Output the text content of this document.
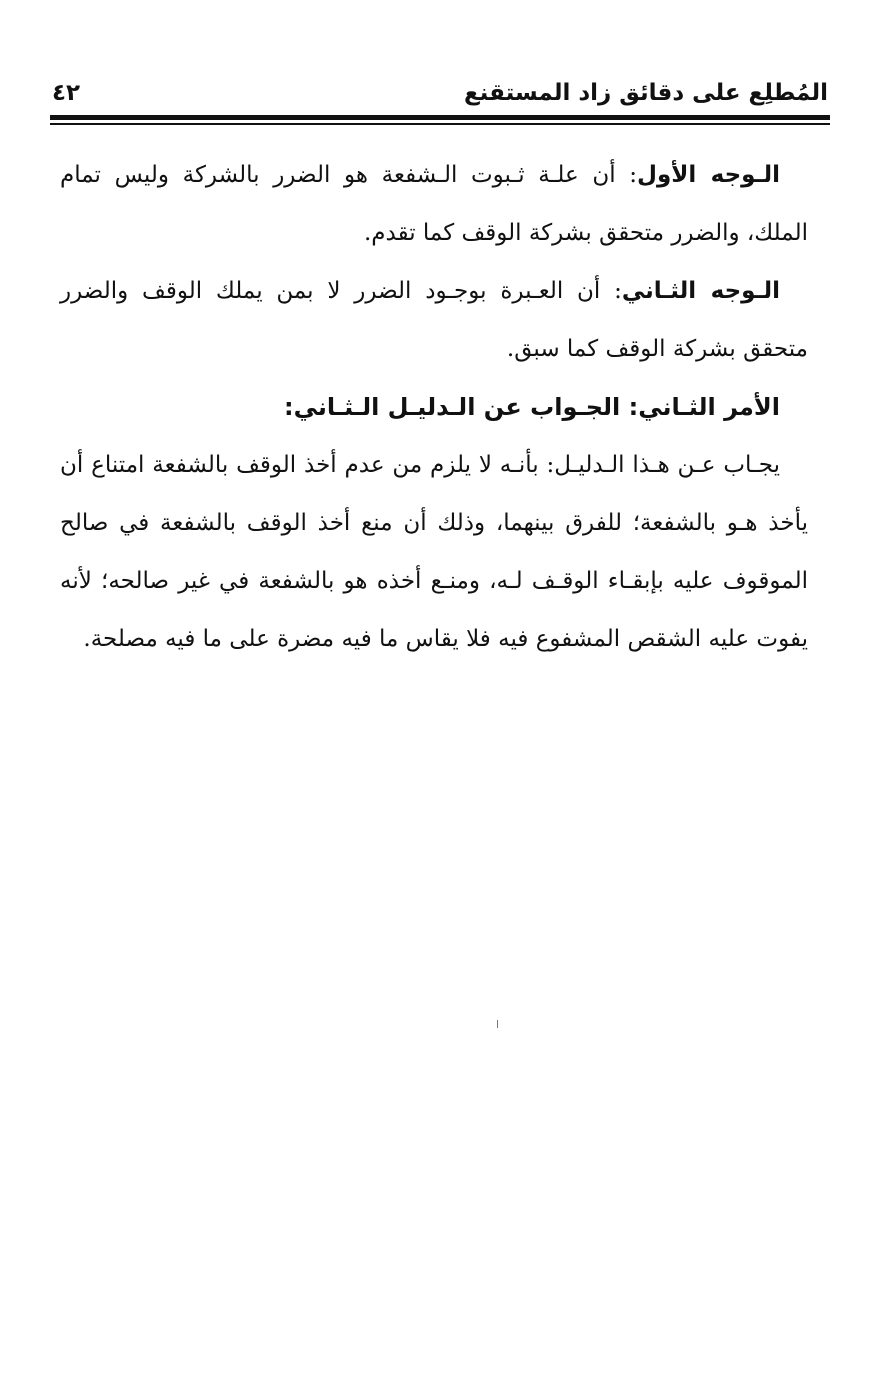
المُطلِع على دقائق زاد المستقنع
٤٢

الـوجه الأول: أن علـة ثـبوت الـشفعة هو الضرر بالشركة وليس تمام الملك، والضرر متحقق بشركة الوقف كما تقدم.

الـوجه الثـاني: أن العـبرة بوجـود الضرر لا بمن يملك الوقف والضرر متحقق بشركة الوقف كما سبق.

الأمر الثـاني: الجـواب عن الـدليـل الـثـاني:

يجـاب عـن هـذا الـدليـل: بأنـه لا يلزم من عدم أخذ الوقف بالشفعة امتناع أن يأخذ هـو بالشفعة؛ للفرق بينهما، وذلك أن منع أخذ الوقف بالشفعة في صالح الموقوف عليه بإبقـاء الوقـف لـه، ومنـع أخذه هو بالشفعة في غير صالحه؛ لأنه يفوت عليه الشقص المشفوع فيه فلا يقاس ما فيه مضرة على ما فيه مصلحة.
